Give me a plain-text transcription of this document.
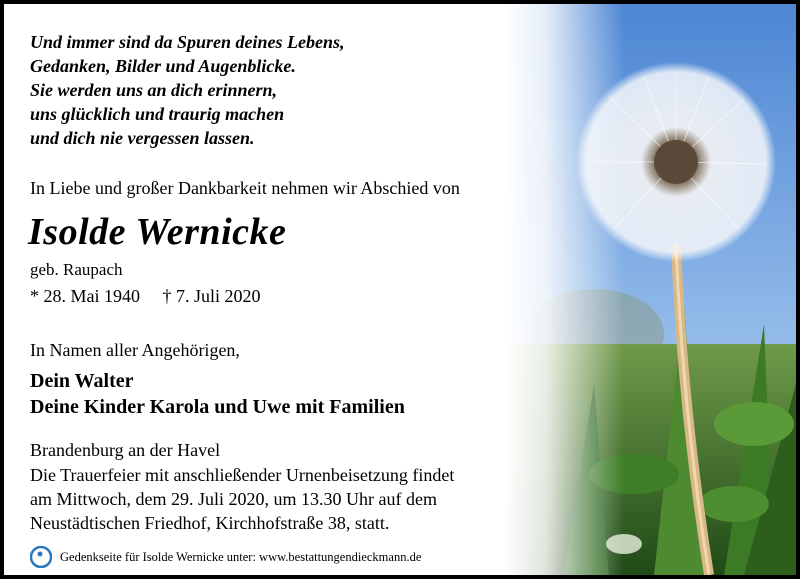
Und immer sind da Spuren deines Lebens,
Gedanken, Bilder und Augenblicke.
Sie werden uns an dich erinnern,
uns glücklich und traurig machen
und dich nie vergessen lassen.
In Liebe und großer Dankbarkeit nehmen wir Abschied von
Isolde Wernicke
geb. Raupach
* 28. Mai 1940 † 7. Juli 2020
In Namen aller Angehörigen,
Dein Walter
Deine Kinder Karola und Uwe mit Familien
Brandenburg an der Havel
Die Trauerfeier mit anschließender Urnenbeisetzung findet
am Mittwoch, dem 29. Juli 2020, um 13.30 Uhr auf dem
Neustädtischen Friedhof, Kirchhofstraße 38, statt.
Gedenkseite für Isolde Wernicke unter: www.bestattungendieckmann.de
